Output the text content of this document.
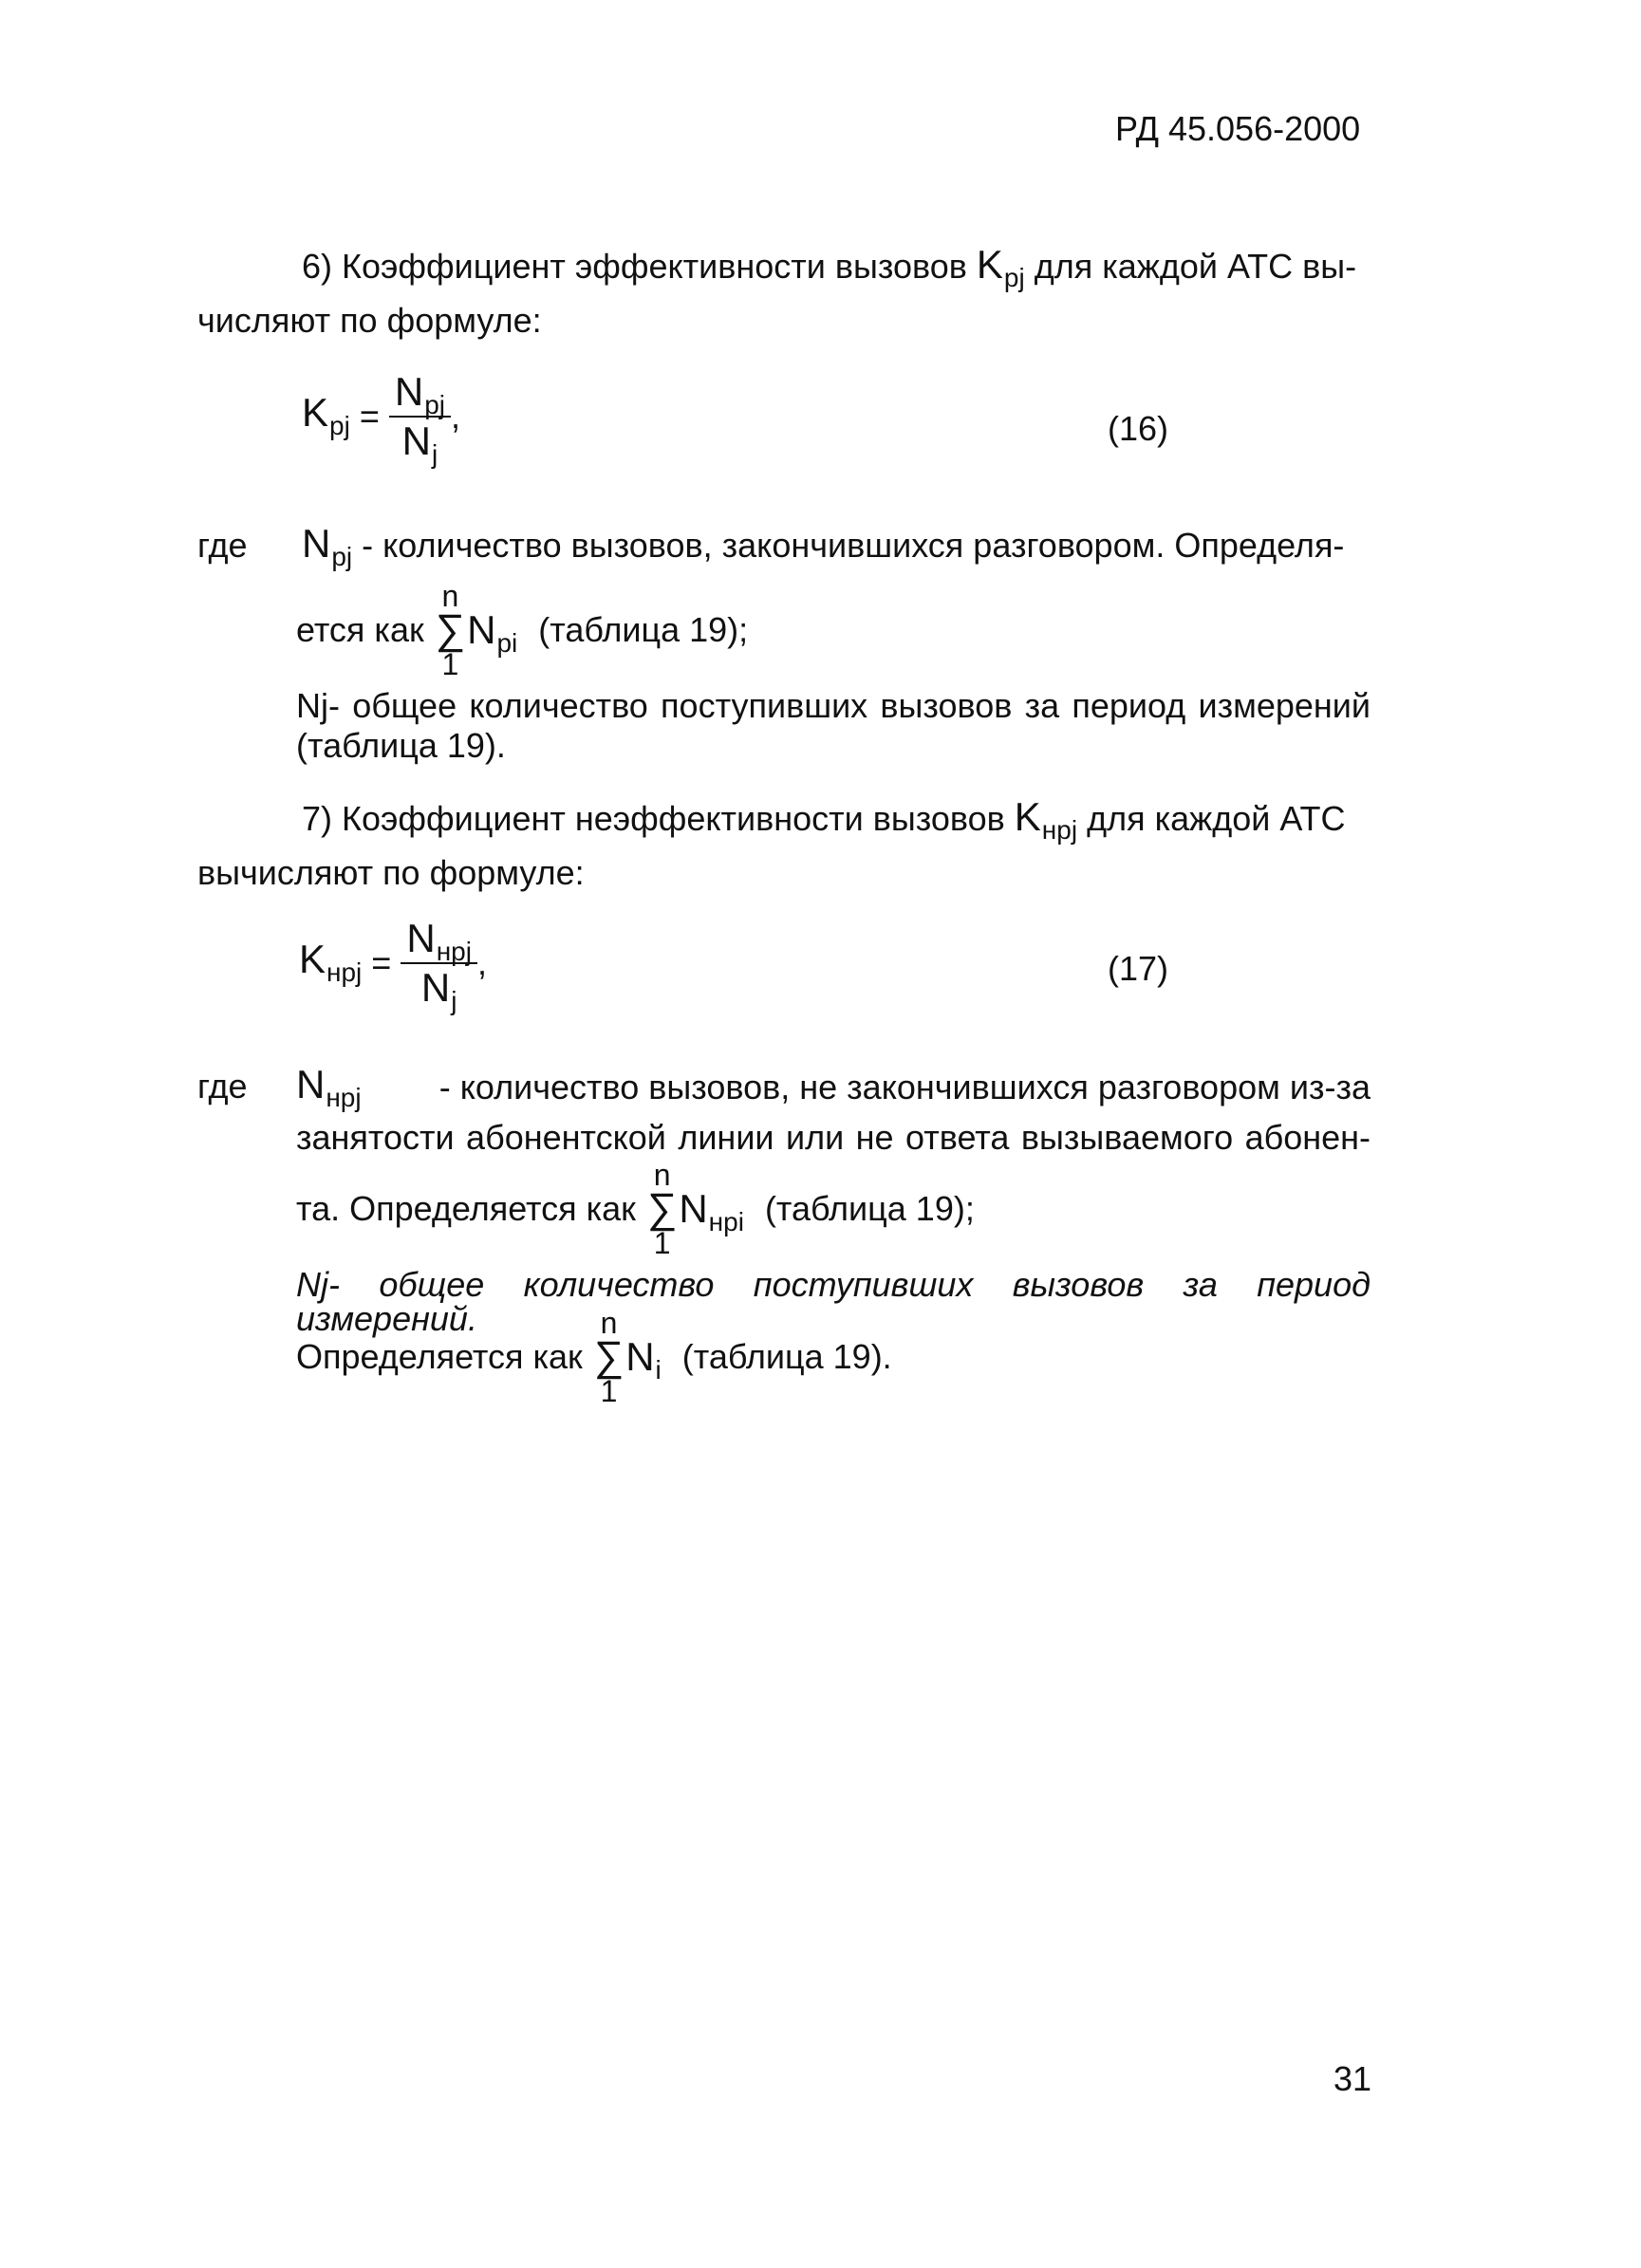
РД 45.056-2000
6) Коэффициент эффективности вызовов $K_{pj}$ для каждой АТС вы-
числяют по формуле:
$K_{pj} = \frac{N_{pj}}{N_j}$ ,	(16)
где $N_{pj}$ - количество вызовов, закончившихся разговором. Определя-
ется как
n
∑
1
$N_{pi}$ (таблица 19);
Nj- общее количество поступивших вызовов за период измерений
(таблица 19).
7) Коэффициент неэффективности вызовов $K_{нpj}$ для каждой АТС
вычисляют по формуле:
$K_{нpj} = \frac{N_{нpj}}{N_j}$ ,	(17)
где $N_{нpj}$ - количество вызовов, не закончившихся разговором из-за
занятости абонентской линии или не ответа вызываемого абонен-
та. Определяется как
n
∑
1
$N_{нpi}$ (таблица 19);
Nj- общее количество поступивших вызовов за период измерений.
Определяется как
n
∑
1
$N_i$ (таблица 19).
31
